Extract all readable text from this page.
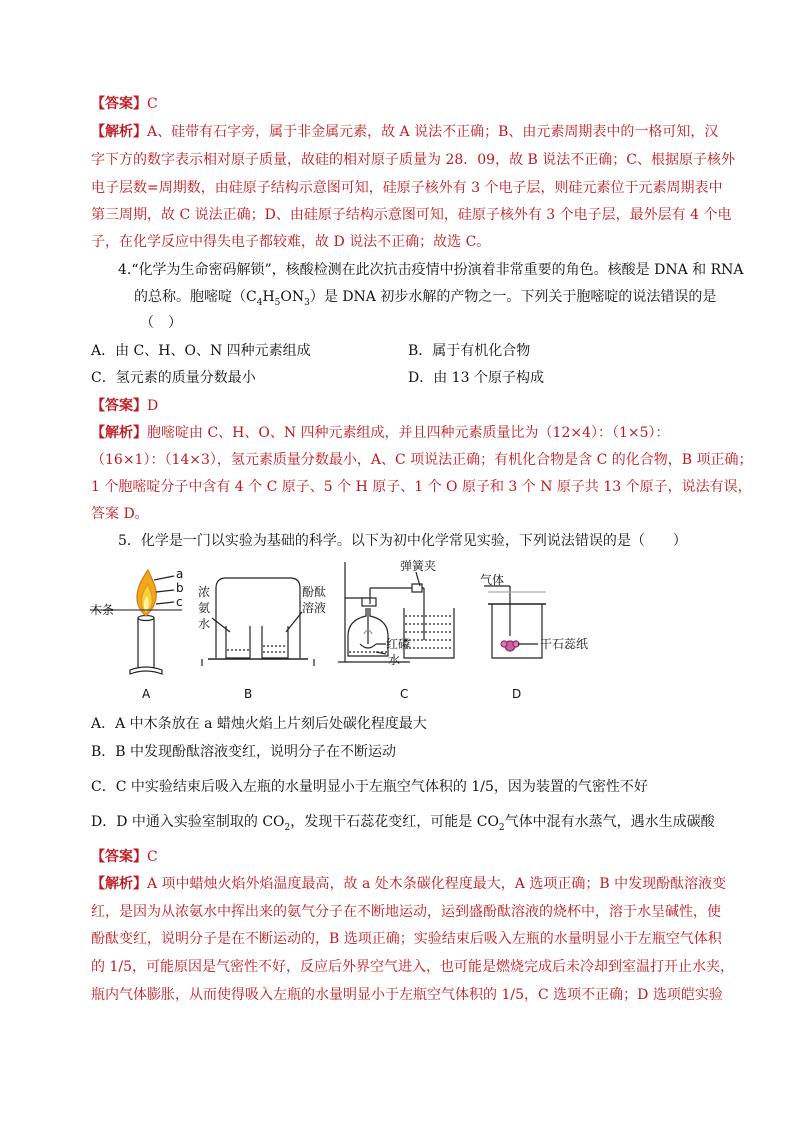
【答案】C
【解析】A、硅带有石字旁，属于非金属元素，故 A 说法不正确；B、由元素周期表中的一格可知，汉
字下方的数字表示相对原子质量，故硅的相对原子质量为 28．09，故 B 说法不正确；C、根据原子核外
电子层数=周期数，由硅原子结构示意图可知，硅原子核外有 3 个电子层，则硅元素位于元素周期表中
第三周期，故 C 说法正确；D、由硅原子结构示意图可知，硅原子核外有 3 个电子层，最外层有 4 个电
子，在化学反应中得失电子都较难，故 D 说法不正确；故选 C。
4.“化学为生命密码解锁”，核酸检测在此次抗击疫情中扮演着非常重要的角色。核酸是 DNA 和 RNA
的总称。胞嘧啶$(C_4H_5ON_3)$是 DNA 初步水解的产物之一。下列关于胞嘧啶的说法错误的是
（　）
A．由 C、H、O、N 四种元素组成	B．属于有机化合物
C．氢元素的质量分数最小	D．由 13 个原子构成
【答案】D
【解析】胞嘧啶由 C、H、O、N 四种元素组成，并且四种元素质量比为（12×4）：（1×5）：
（16×1）：（14×3），氢元素质量分数最小，A、C 项说法正确；有机化合物是含 C 的化合物，B 项正确；
1 个胞嘧啶分子中含有 4 个 C 原子、5 个 H 原子、1 个 O 原子和 3 个 N 原子共 13 个原子，说法有误，
答案 D。
5．化学是一门以实验为基础的科学。以下为初中化学常见实验，下列说法错误的是（　　）
木条
a
b
c
浓
氨
水
酚酞
溶液
弹簧夹
红磷
水
气体
干石蕊纸
A	B	C	D
A．A 中木条放在 a 蜡烛火焰上片刻后处碳化程度最大
B．B 中发现酚酞溶液变红，说明分子在不断运动
C．C 中实验结束后吸入左瓶的水量明显小于左瓶空气体积的 1/5，因为装置的气密性不好
D．D 中通入实验室制取的 $CO_2$，发现干石蕊花变红，可能是 $CO_2$气体中混有水蒸气，遇水生成碳酸
【答案】C
【解析】A 项中蜡烛火焰外焰温度最高，故 a 处木条碳化程度最大，A 选项正确；B 中发现酚酞溶液变
红，是因为从浓氨水中挥出来的氨气分子在不断地运动，运到盛酚酞溶液的烧杯中，溶于水呈碱性，使
酚酞变红，说明分子是在不断运动的，B 选项正确；实验结束后吸入左瓶的水量明显小于左瓶空气体积
的 1/5，可能原因是气密性不好，反应后外界空气进入，也可能是燃烧完成后未冷却到室温打开止水夹，
瓶内气体膨胀，从而使得吸入左瓶的水量明显小于左瓶空气体积的 1/5，C 选项不正确；D 选项皑实验
